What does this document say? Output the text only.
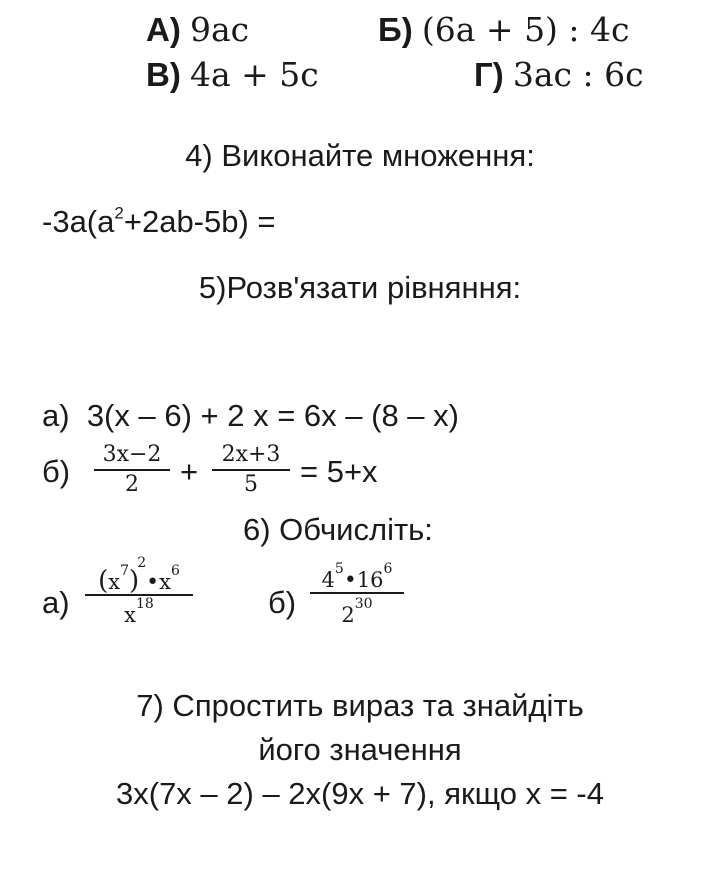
А) 9ac	Б) (6a + 5) : 4c
В) 4a + 5c	Г) 3ac : 6c
4) Виконайте множення:
$-3a(a^2+2ab-5b)$ =
5)Розв'язати рівняння:
а) 3(x – 6) + 2 x = 6x – (8 – x)
б) 3x−2
2 + 2x+3
5 = 5+x
6) Обчисліть:
а)
$(x^7)^2•x^6$
$x^{18}$	б)
$4^5•16^6$
$2^{30}$
7) Спростить вираз та знайдіть
його значення
3x(7x – 2) – 2x(9x + 7), якщо x = -4
